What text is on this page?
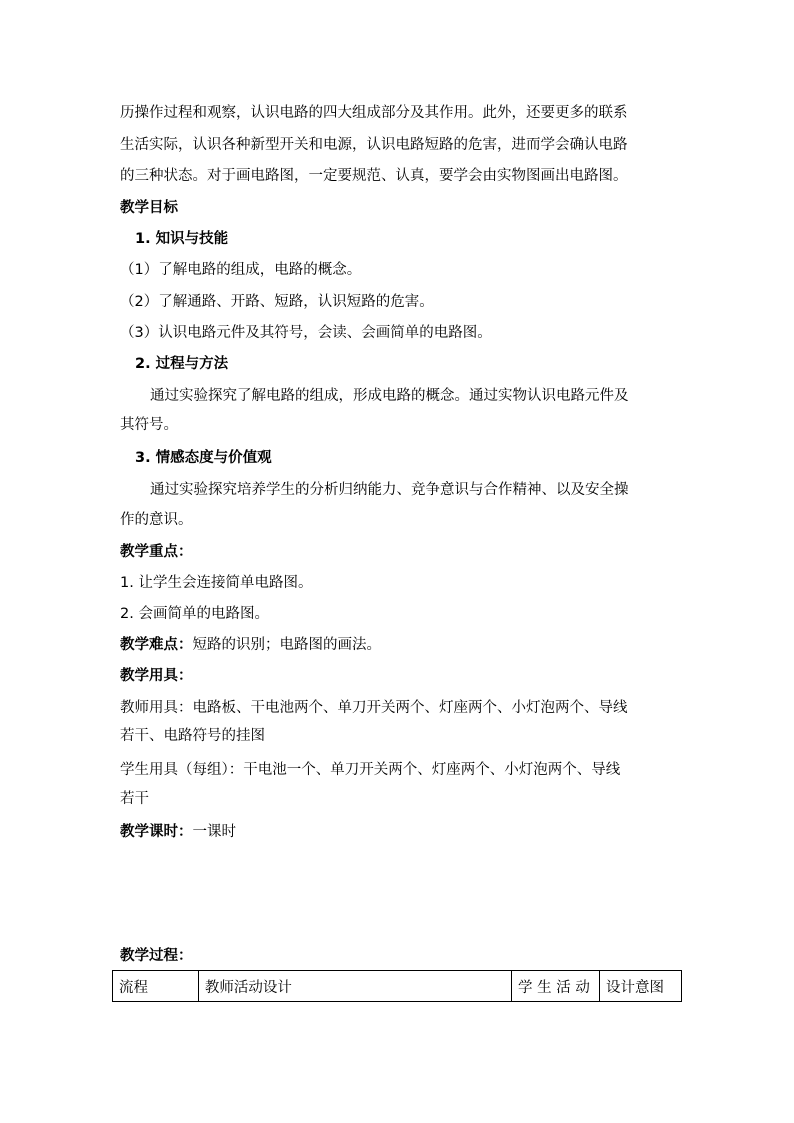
历操作过程和观察，认识电路的四大组成部分及其作用。此外，还要更多的联系
生活实际，认识各种新型开关和电源，认识电路短路的危害，进而学会确认电路
的三种状态。对于画电路图，一定要规范、认真，要学会由实物图画出电路图。
教学目标
1. 知识与技能
（1）了解电路的组成，电路的概念。
（2）了解通路、开路、短路，认识短路的危害。
（3）认识电路元件及其符号，会读、会画简单的电路图。
2. 过程与方法
通过实验探究了解电路的组成，形成电路的概念。通过实物认识电路元件及
其符号。
3. 情感态度与价值观
通过实验探究培养学生的分析归纳能力、竞争意识与合作精神、以及安全操
作的意识。
教学重点：
1. 让学生会连接简单电路图。
2. 会画简单的电路图。
教学难点：短路的识别；电路图的画法。
教学用具：
教师用具：电路板、干电池两个、单刀开关两个、灯座两个、小灯泡两个、导线
若干、电路符号的挂图
学生用具（每组）：干电池一个、单刀开关两个、灯座两个、小灯泡两个、导线
若干
教学课时：一课时
教学过程：
流程	教师活动设计	学 生 活 动	设计意图
